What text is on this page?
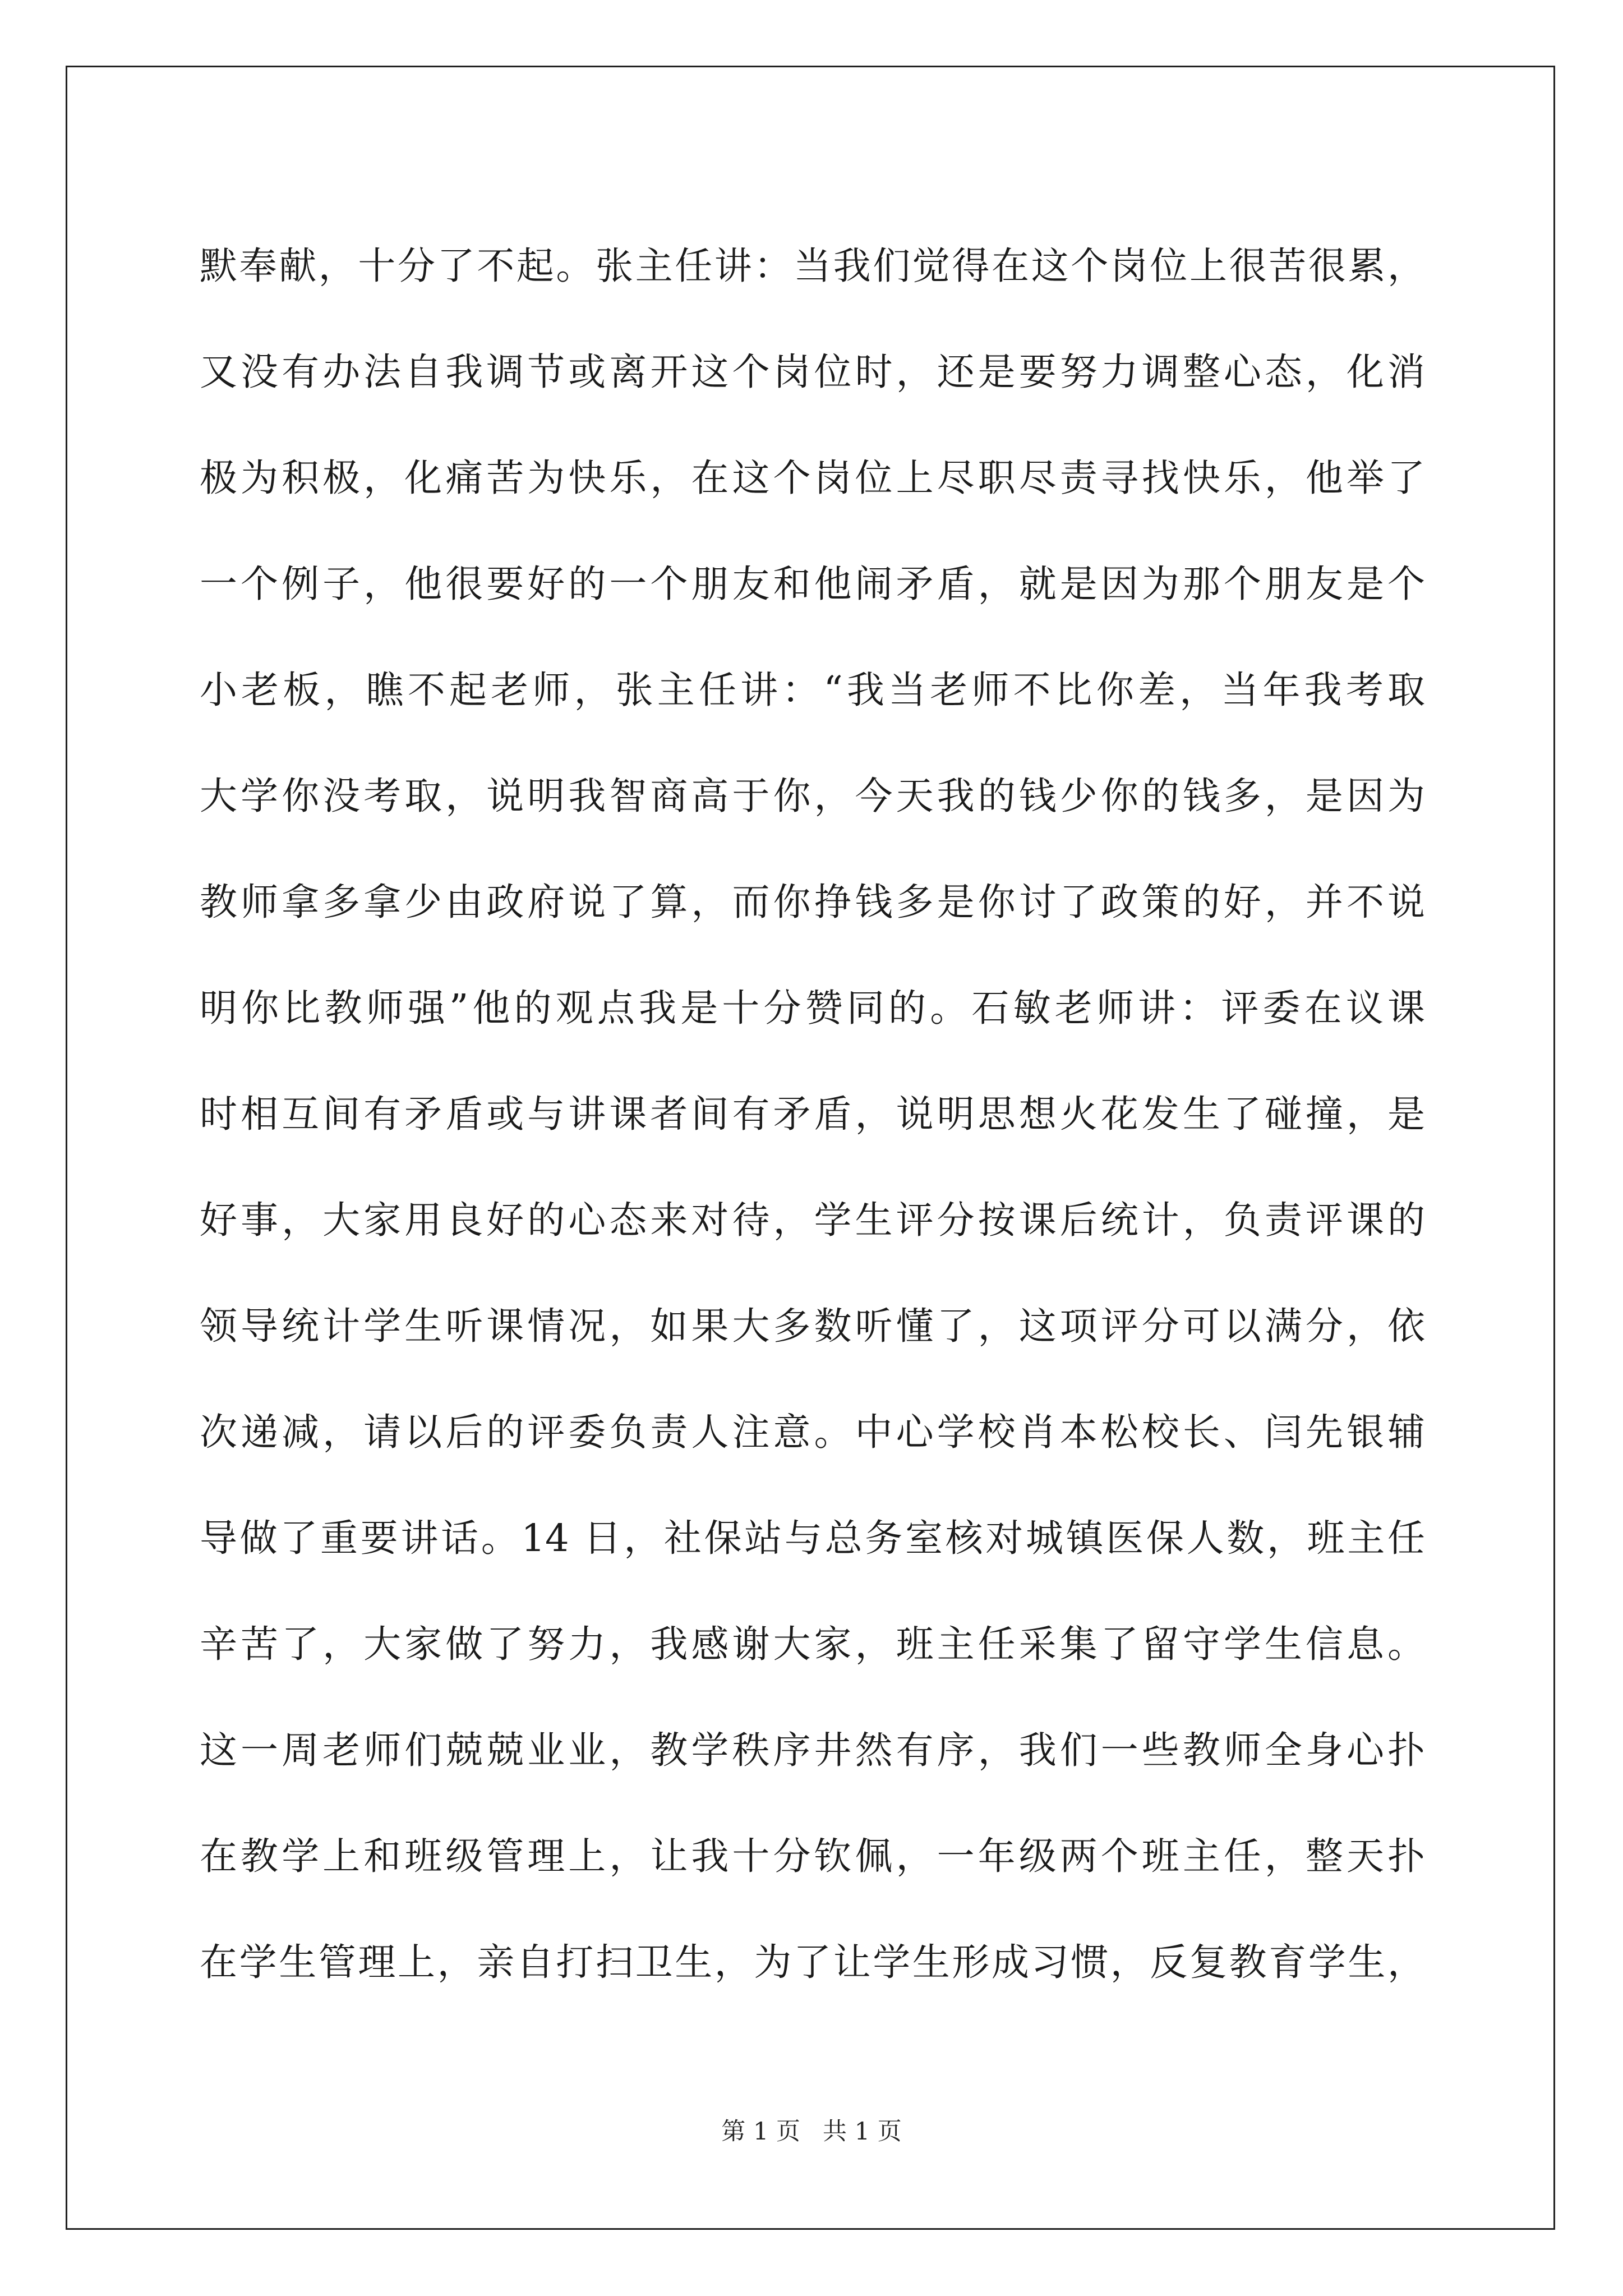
默奉献，十分了不起。张主任讲：当我们觉得在这个岗位上很苦很累，
又没有办法自我调节或离开这个岗位时，还是要努力调整心态，化消
极为积极，化痛苦为快乐，在这个岗位上尽职尽责寻找快乐，他举了
一个例子，他很要好的一个朋友和他闹矛盾，就是因为那个朋友是个
小老板，瞧不起老师，张主任讲：“我当老师不比你差，当年我考取
大学你没考取，说明我智商高于你，今天我的钱少你的钱多，是因为
教师拿多拿少由政府说了算，而你挣钱多是你讨了政策的好，并不说
明你比教师强”他的观点我是十分赞同的。石敏老师讲：评委在议课
时相互间有矛盾或与讲课者间有矛盾，说明思想火花发生了碰撞，是
好事，大家用良好的心态来对待，学生评分按课后统计，负责评课的
领导统计学生听课情况，如果大多数听懂了，这项评分可以满分，依
次递减，请以后的评委负责人注意。中心学校肖本松校长、闫先银辅
导做了重要讲话。14 日，社保站与总务室核对城镇医保人数，班主任
辛苦了，大家做了努力，我感谢大家，班主任采集了留守学生信息。
这一周老师们兢兢业业，教学秩序井然有序，我们一些教师全身心扑
在教学上和班级管理上，让我十分钦佩，一年级两个班主任，整天扑
在学生管理上，亲自打扫卫生，为了让学生形成习惯，反复教育学生，
第 1 页 共 1 页
